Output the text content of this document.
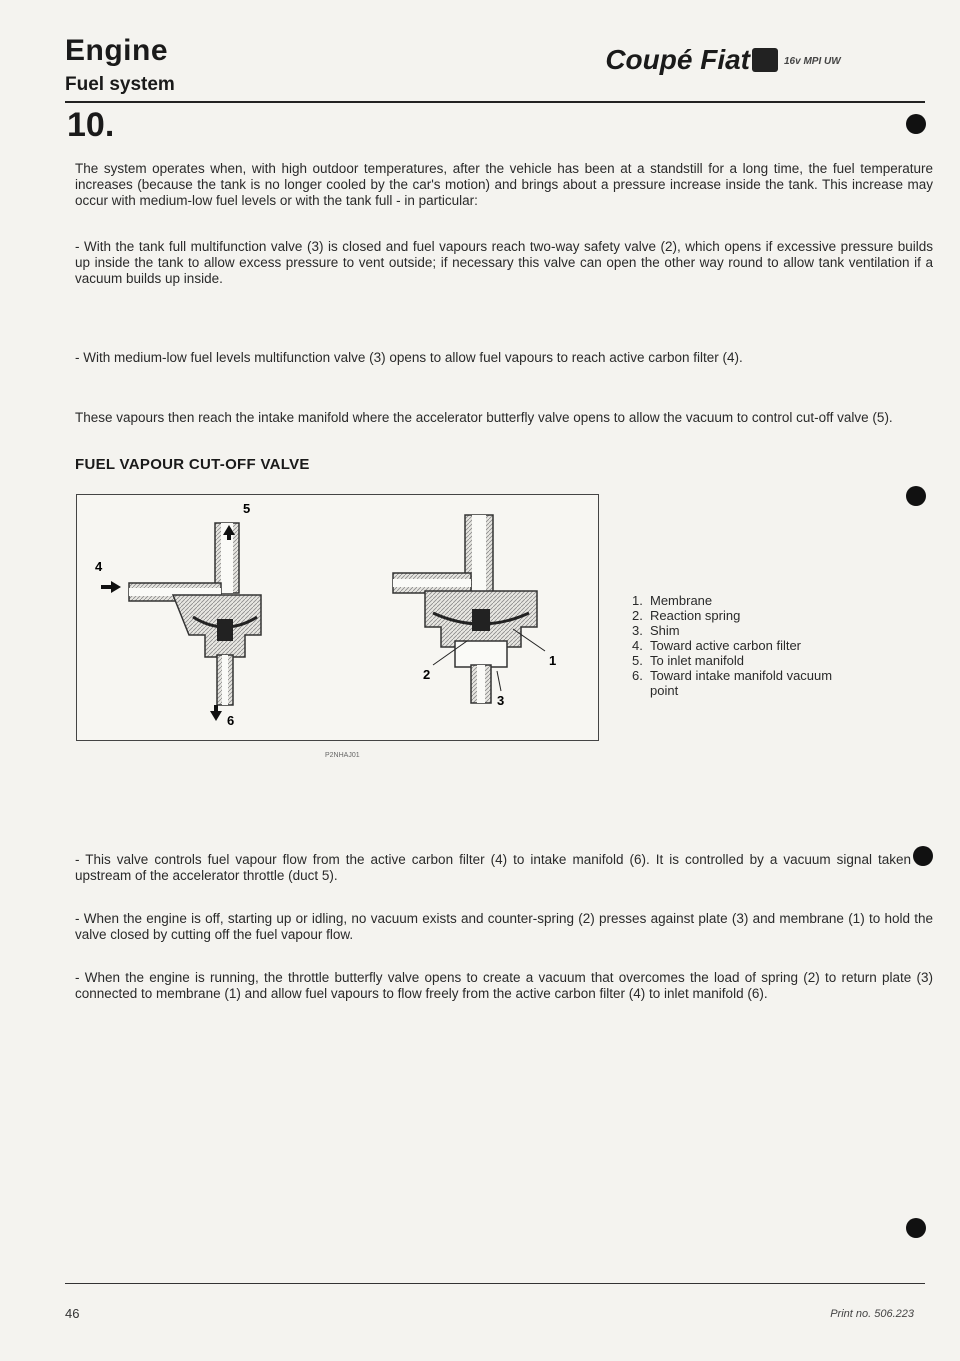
Engine
Fuel system
Coupé Fiat	16v MPI UW
10.
The system operates when, with high outdoor temperatures, after the vehicle has been at a standstill for a long time, the fuel temperature increases (because the tank is no longer cooled by the car's motion) and brings about a pressure increase inside the tank. This increase may occur with medium-low fuel levels or with the tank full - in particular:
- With the tank full multifunction valve (3) is closed and fuel vapours reach two-way safety valve (2), which opens if excessive pressure builds up inside the tank to allow excess pressure to vent outside; if necessary this valve can open the other way round to allow tank ventilation if a vacuum builds up inside.
- With medium-low fuel levels multifunction valve (3) opens to allow fuel vapours to reach active carbon filter (4).
These vapours then reach the intake manifold where the accelerator butterfly valve opens to allow the vacuum to control cut-off valve (5).
FUEL VAPOUR CUT-OFF VALVE
5
4
6
2
1
3
P2NHAJ01
1. Membrane
2. Reaction spring
3. Shim
4. Toward active carbon filter
5. To inlet manifold
6. Toward intake manifold vacuum point
- This valve controls fuel vapour flow from the active carbon filter (4) to intake manifold (6). It is controlled by a vacuum signal taken upstream of the accelerator throttle (duct 5).
- When the engine is off, starting up or idling, no vacuum exists and counter-spring (2) presses against plate (3) and membrane (1) to hold the valve closed by cutting off the fuel vapour flow.
- When the engine is running, the throttle butterfly valve opens to create a vacuum that overcomes the load of spring (2) to return plate (3) connected to membrane (1) and allow fuel vapours to flow freely from the active carbon filter (4) to inlet manifold (6).
46	Print no. 506.223
